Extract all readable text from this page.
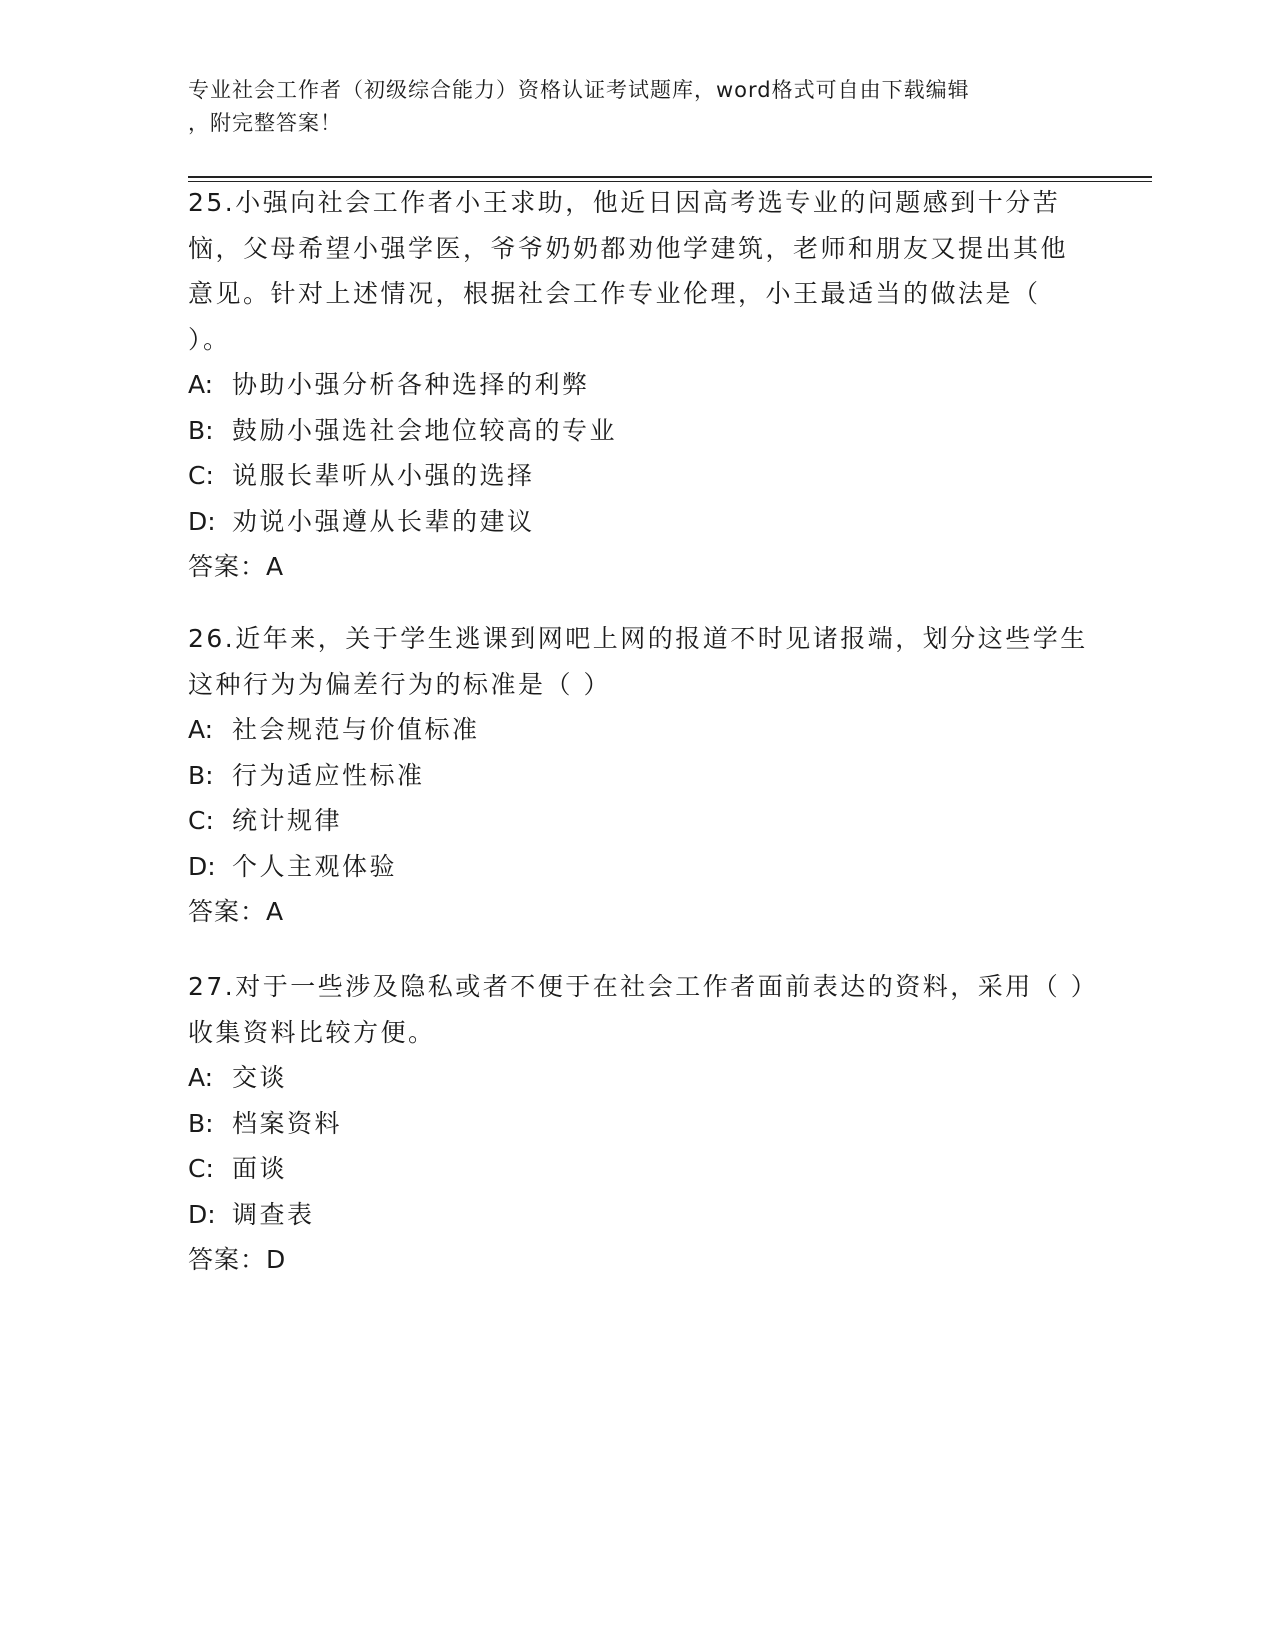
专业社会工作者（初级综合能力）资格认证考试题库，word格式可自由下载编辑
，附完整答案！

25.小强向社会工作者小王求助，他近日因高考选专业的问题感到十分苦恼，父母希望小强学医，爷爷奶奶都劝他学建筑，老师和朋友又提出其他意见。针对上述情况，根据社会工作专业伦理，小王最适当的做法是（ ）。

A: 协助小强分析各种选择的利弊

B: 鼓励小强选社会地位较高的专业

C: 说服长辈听从小强的选择

D: 劝说小强遵从长辈的建议

答案：A

26.近年来，关于学生逃课到网吧上网的报道不时见诸报端，划分这些学生这种行为为偏差行为的标准是（ ）

A: 社会规范与价值标准

B: 行为适应性标准

C: 统计规律

D: 个人主观体验

答案：A

27.对于一些涉及隐私或者不便于在社会工作者面前表达的资料，采用（ ）收集资料比较方便。

A: 交谈

B: 档案资料

C: 面谈

D: 调查表

答案：D
